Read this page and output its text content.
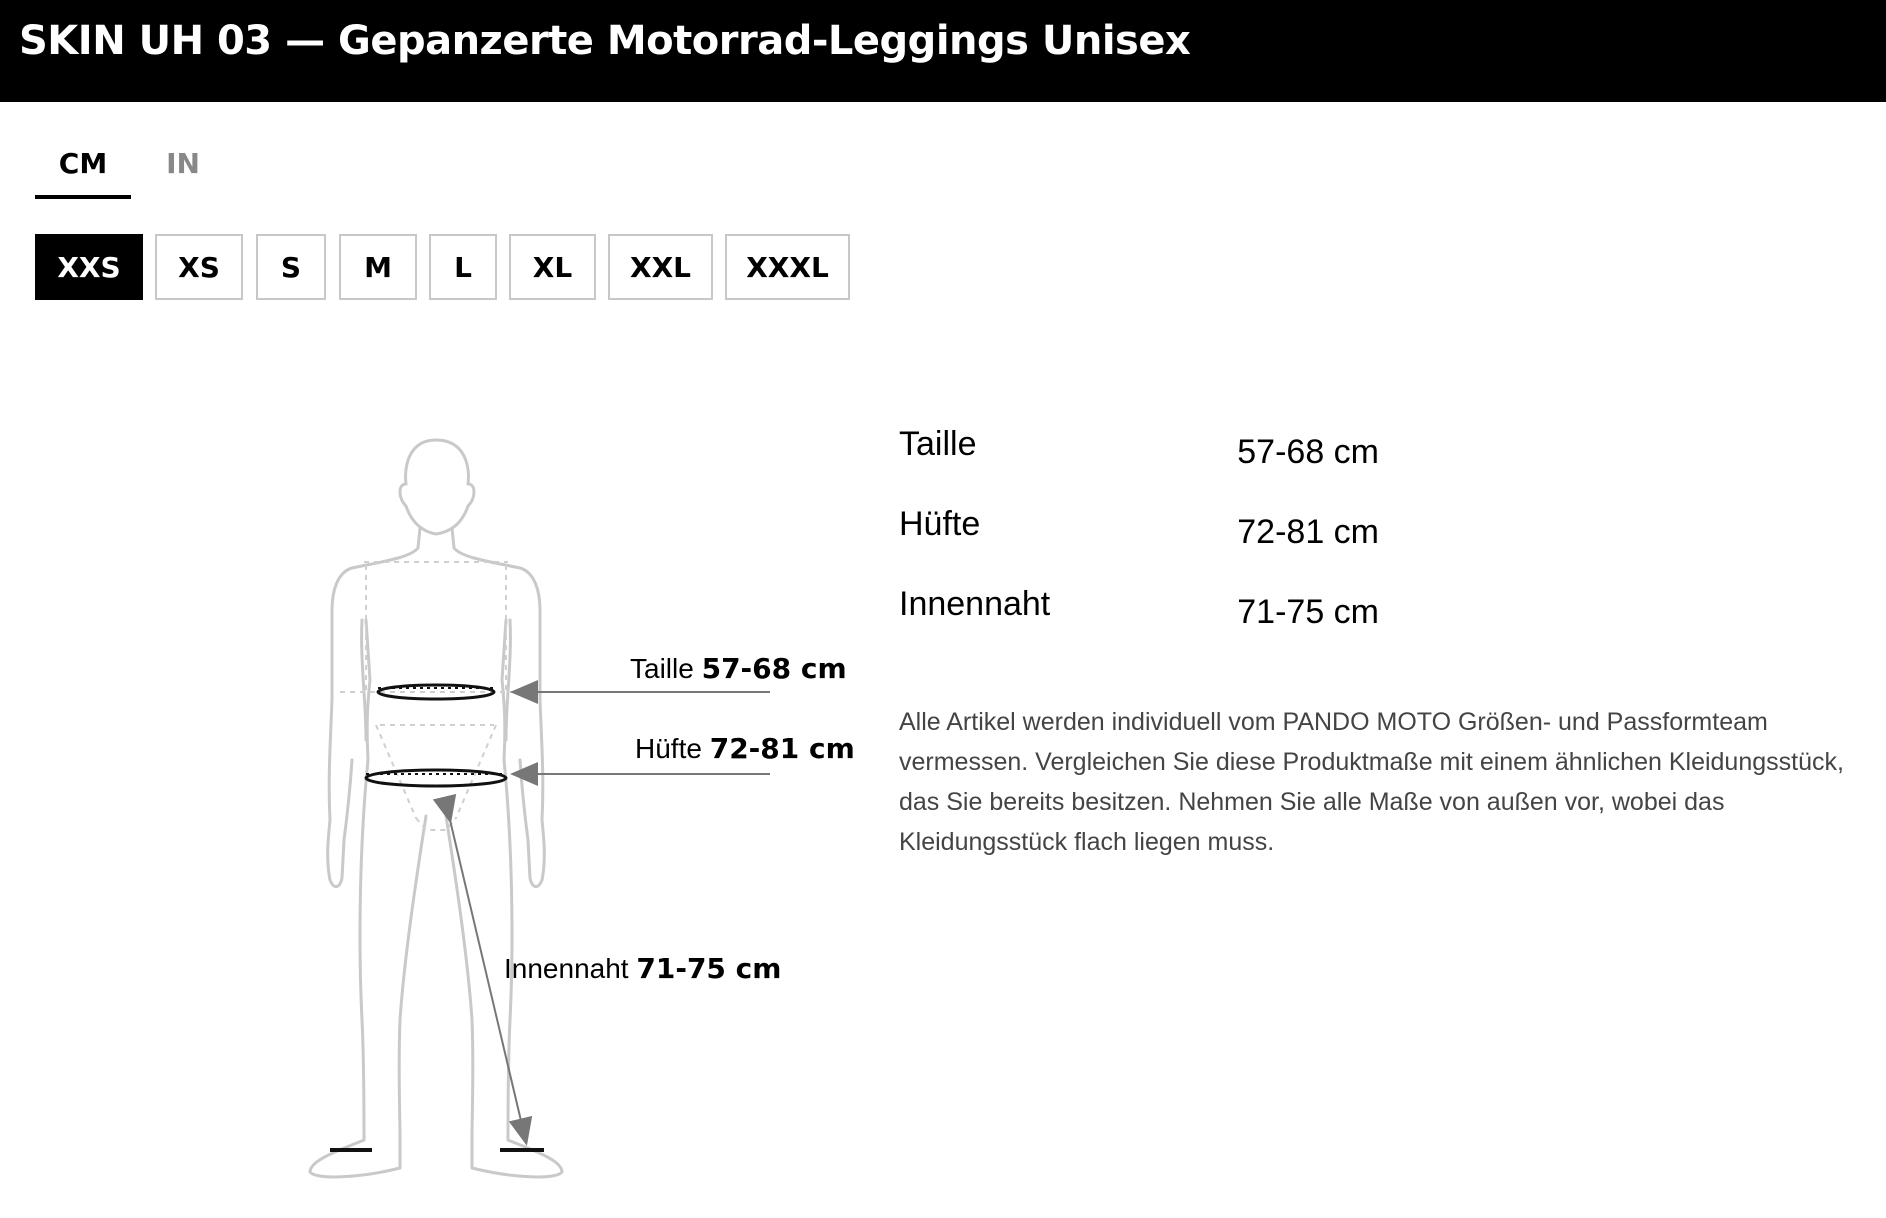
SKIN UH 03 — Gepanzerte Motorrad-Leggings Unisex
CM	IN
XXS	XS	S	M	L	XL	XXL	XXXL
Taille 57-68 cm
Hüfte 72-81 cm
Innennaht 71-75 cm
Taille	57-68 cm
Hüfte	72-81 cm
Innennaht	71-75 cm
Alle Artikel werden individuell vom PANDO MOTO Größen- und Passformteam vermessen. Vergleichen Sie diese Produktmaße mit einem ähnlichen Kleidungsstück, das Sie bereits besitzen. Nehmen Sie alle Maße von außen vor, wobei das Kleidungsstück flach liegen muss.
